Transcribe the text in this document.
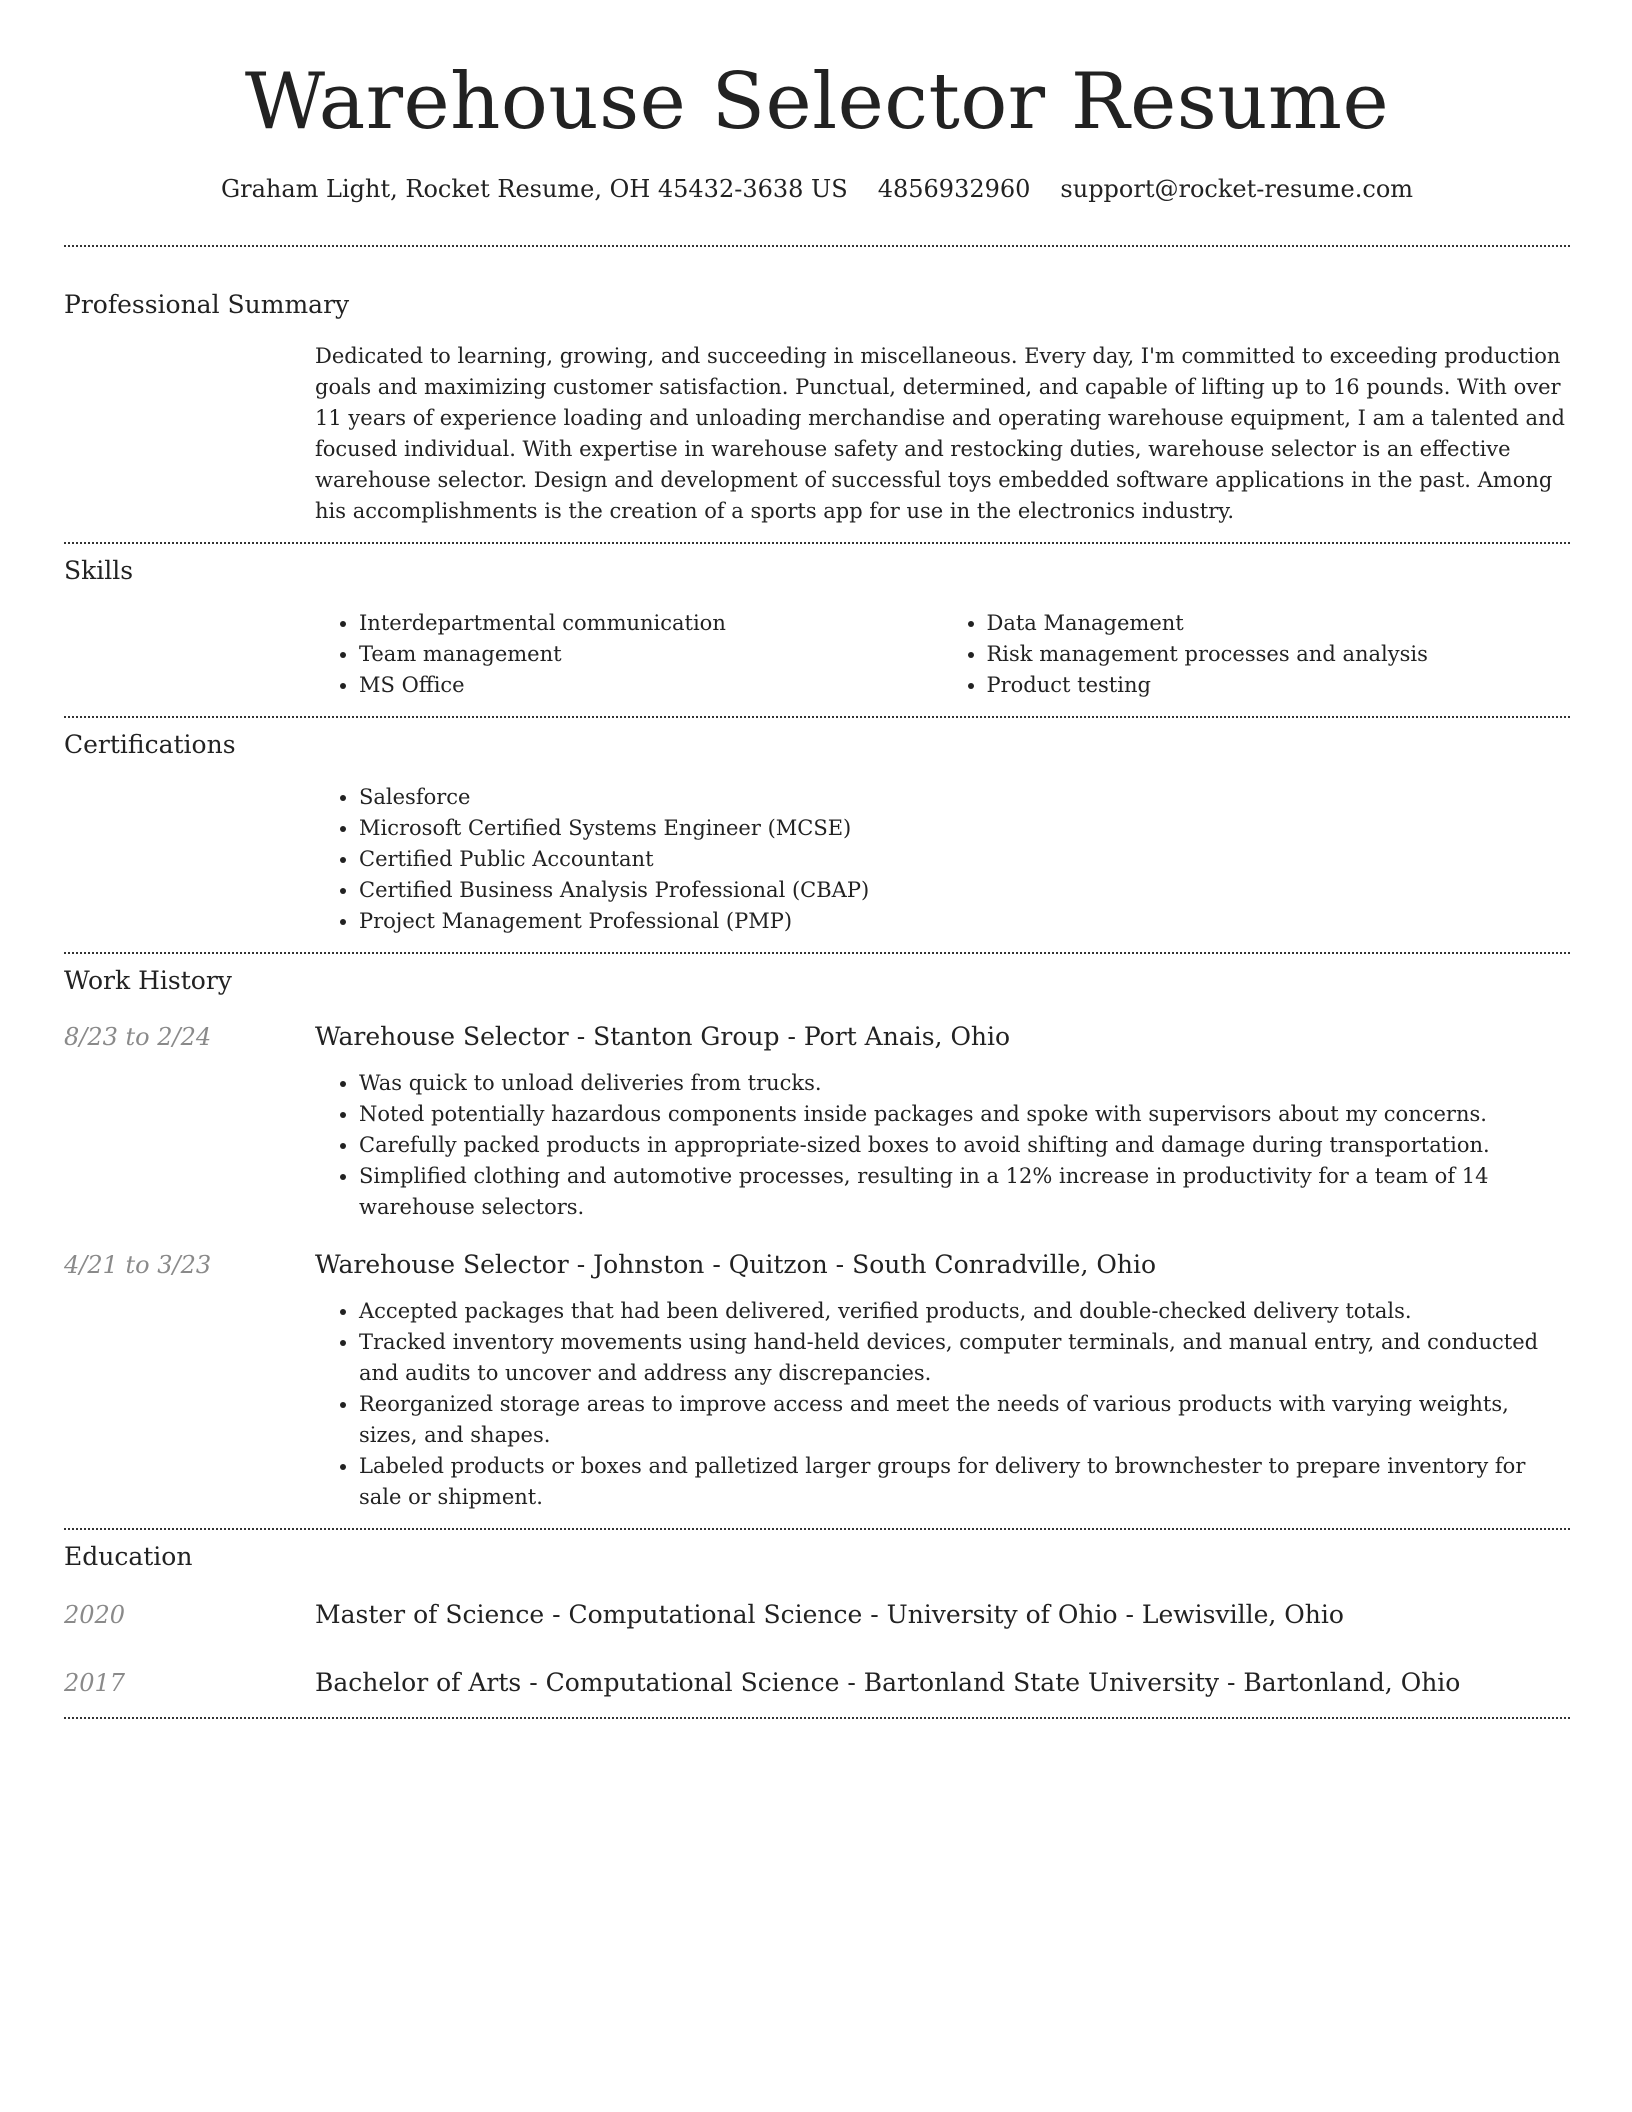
Warehouse Selector Resume
Graham Light, Rocket Resume, OH 45432-3638 US 4856932960 support@rocket-resume.com
Professional Summary

Dedicated to learning, growing, and succeeding in miscellaneous. Every day, I'm committed to exceeding production goals and maximizing customer satisfaction. Punctual, determined, and capable of lifting up to 16 pounds. With over 11 years of experience loading and unloading merchandise and operating warehouse equipment, I am a talented and focused individual. With expertise in warehouse safety and restocking duties, warehouse selector is an effective warehouse selector. Design and development of successful toys embedded software applications in the past. Among his accomplishments is the creation of a sports app for use in the electronics industry.

Skills
• Interdepartmental communication
• Team management
• MS Office
• Data Management
• Risk management processes and analysis
• Product testing
Certifications
• Salesforce
• Microsoft Certified Systems Engineer (MCSE)
• Certified Public Accountant
• Certified Business Analysis Professional (CBAP)
• Project Management Professional (PMP)
Work History
8/23 to 2/24	Warehouse Selector - Stanton Group - Port Anais, Ohio
• Was quick to unload deliveries from trucks.
• Noted potentially hazardous components inside packages and spoke with supervisors about my concerns.
• Carefully packed products in appropriate-sized boxes to avoid shifting and damage during transportation.
• Simplified clothing and automotive processes, resulting in a 12% increase in productivity for a team of 14 warehouse selectors.
4/21 to 3/23	Warehouse Selector - Johnston - Quitzon - South Conradville, Ohio
• Accepted packages that had been delivered, verified products, and double-checked delivery totals.
• Tracked inventory movements using hand-held devices, computer terminals, and manual entry, and conducted and audits to uncover and address any discrepancies.
• Reorganized storage areas to improve access and meet the needs of various products with varying weights, sizes, and shapes.
• Labeled products or boxes and palletized larger groups for delivery to brownchester to prepare inventory for sale or shipment.
Education
2020	Master of Science - Computational Science - University of Ohio - Lewisville, Ohio
2017	Bachelor of Arts - Computational Science - Bartonland State University - Bartonland, Ohio
